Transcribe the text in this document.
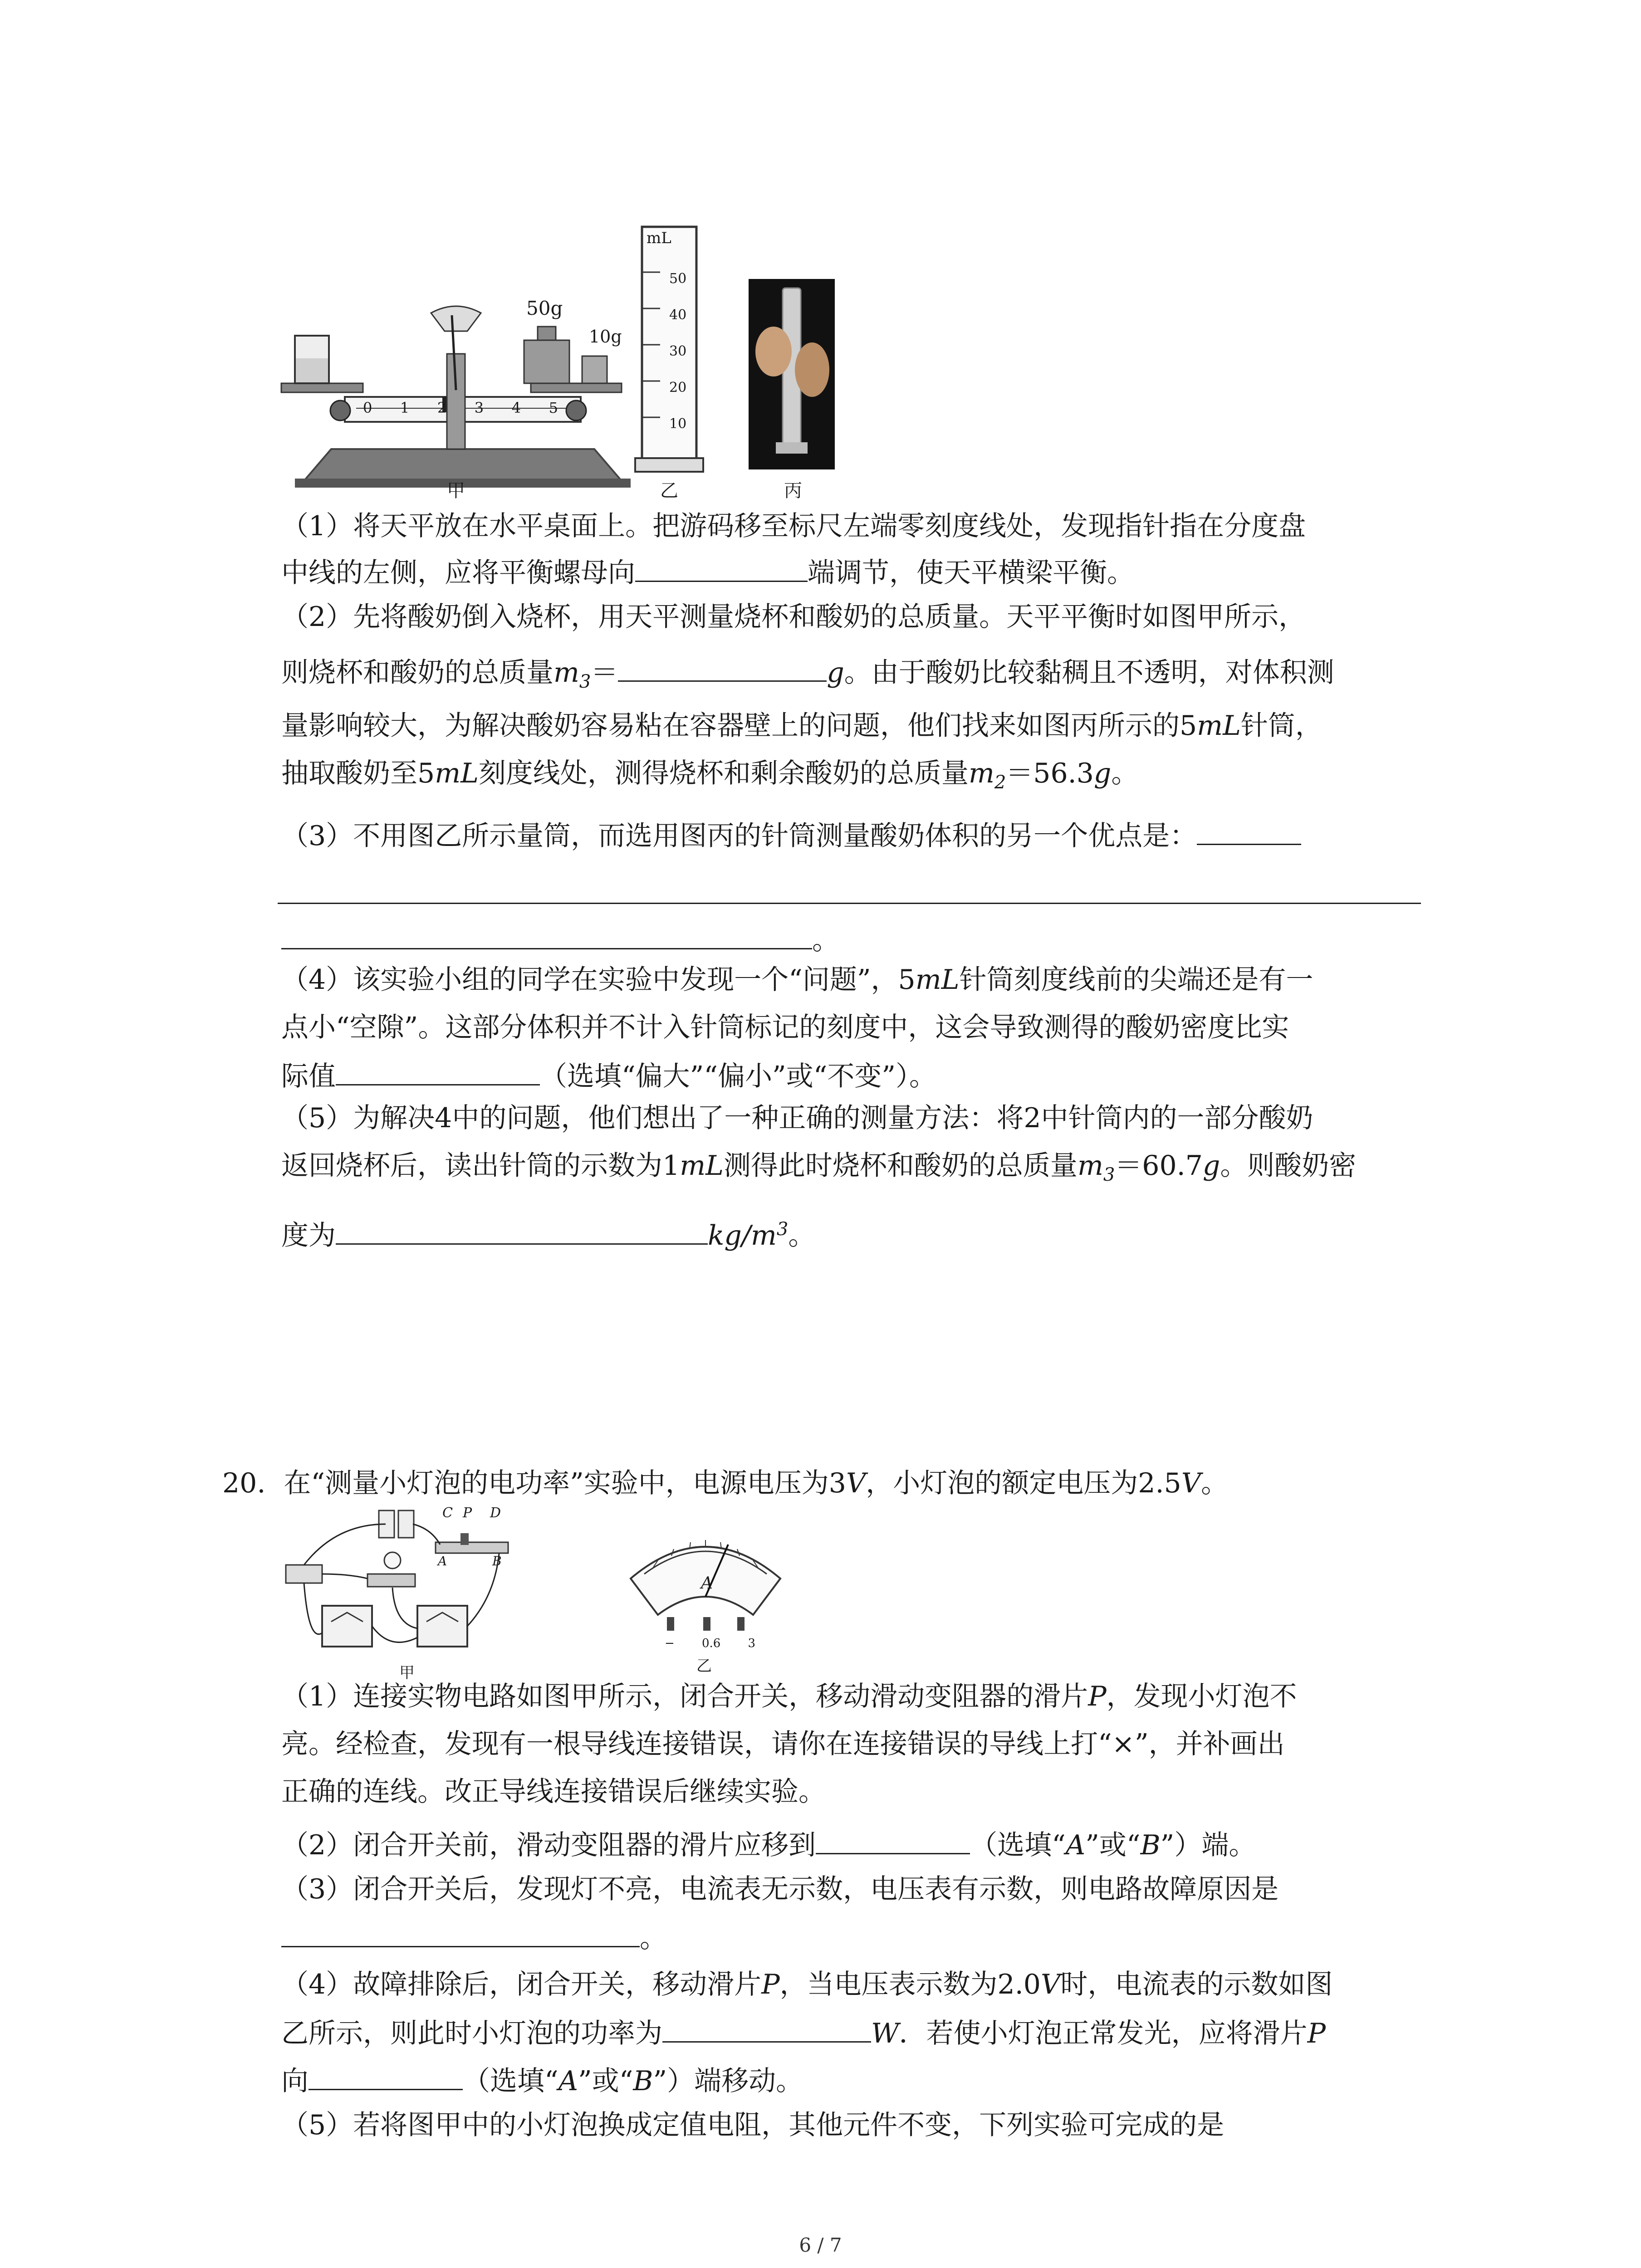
50g
10g
0 1 2 3 4 5
甲
mL
50
40
30
20
10
乙	丙
（1）将天平放在水平桌面上。把游码移至标尺左端零刻度线处，发现指针指在分度盘
中线的左侧，应将平衡螺母向	端调节，使天平横梁平衡。
（2）先将酸奶倒入烧杯，用天平测量烧杯和酸奶的总质量。天平平衡时如图甲所示，
则烧杯和酸奶的总质量$m_3=$	g。由于酸奶比较黏稠且不透明，对体积测
量影响较大，为解决酸奶容易粘在容器壁上的问题，他们找来如图丙所示的5mL针筒，
抽取酸奶至5mL刻度线处，测得烧杯和剩余酸奶的总质量$m_2=56.3g$。
（3）不用图乙所示量筒，而选用图丙的针筒测量酸奶体积的另一个优点是：
。
（4）该实验小组的同学在实验中发现一个“问题”，5mL针筒刻度线前的尖端还是有一
点小“空隙”。这部分体积并不计入针筒标记的刻度中，这会导致测得的酸奶密度比实
际值	（选填“偏大”“偏小”或“不变”）。
（5）为解决4中的问题，他们想出了一种正确的测量方法：将2中针筒内的一部分酸奶
返回烧杯后，读出针筒的示数为1mL测得此时烧杯和酸奶的总质量$m_3=60.7g$。则酸奶密
度为	$kg/m^3$。
20. 在“测量小灯泡的电功率”实验中，电源电压为3V，小灯泡的额定电压为2.5V。
C P D
A	B
甲
A
− 0.6 3
乙
（1）连接实物电路如图甲所示，闭合开关，移动滑动变阻器的滑片P，发现小灯泡不
亮。经检查，发现有一根导线连接错误，请你在连接错误的导线上打“×”，并补画出
正确的连线。改正导线连接错误后继续实验。
（2）闭合开关前，滑动变阻器的滑片应移到	（选填“A”或“B”）端。
（3）闭合开关后，发现灯不亮，电流表无示数，电压表有示数，则电路故障原因是
。
（4）故障排除后，闭合开关，移动滑片P，当电压表示数为2.0V时，电流表的示数如图
乙所示，则此时小灯泡的功率为	W．若使小灯泡正常发光，应将滑片P
向	（选填“A”或“B”）端移动。
（5）若将图甲中的小灯泡换成定值电阻，其他元件不变，下列实验可完成的是
6 / 7
